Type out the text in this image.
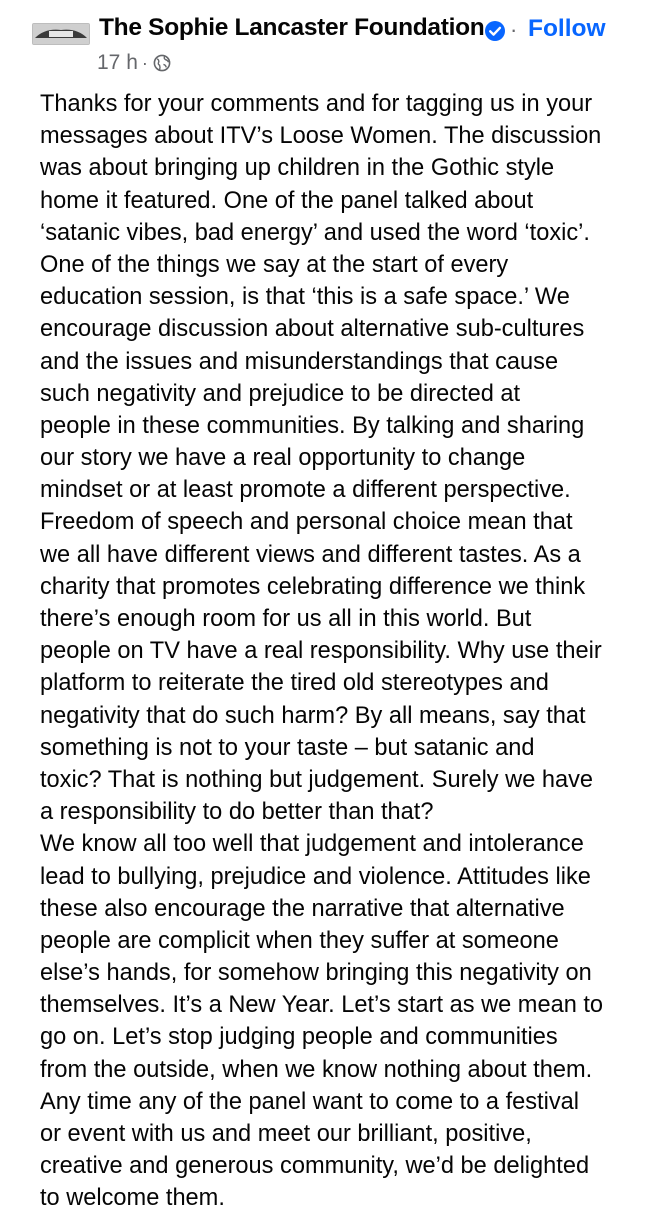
The Sophie Lancaster Foundation · Follow
17 h ·
Thanks for your comments and for tagging us in your
messages about ITV’s Loose Women. The discussion
was about bringing up children in the Gothic style
home it featured. One of the panel talked about
‘satanic vibes, bad energy’ and used the word ‘toxic’.
One of the things we say at the start of every
education session, is that ‘this is a safe space.’ We
encourage discussion about alternative sub-cultures
and the issues and misunderstandings that cause
such negativity and prejudice to be directed at
people in these communities. By talking and sharing
our story we have a real opportunity to change
mindset or at least promote a different perspective.
Freedom of speech and personal choice mean that
we all have different views and different tastes. As a
charity that promotes celebrating difference we think
there’s enough room for us all in this world. But
people on TV have a real responsibility. Why use their
platform to reiterate the tired old stereotypes and
negativity that do such harm? By all means, say that
something is not to your taste – but satanic and
toxic? That is nothing but judgement. Surely we have
a responsibility to do better than that?
We know all too well that judgement and intolerance
lead to bullying, prejudice and violence. Attitudes like
these also encourage the narrative that alternative
people are complicit when they suffer at someone
else’s hands, for somehow bringing this negativity on
themselves. It’s a New Year. Let’s start as we mean to
go on. Let’s stop judging people and communities
from the outside, when we know nothing about them.
Any time any of the panel want to come to a festival
or event with us and meet our brilliant, positive,
creative and generous community, we’d be delighted
to welcome them.
